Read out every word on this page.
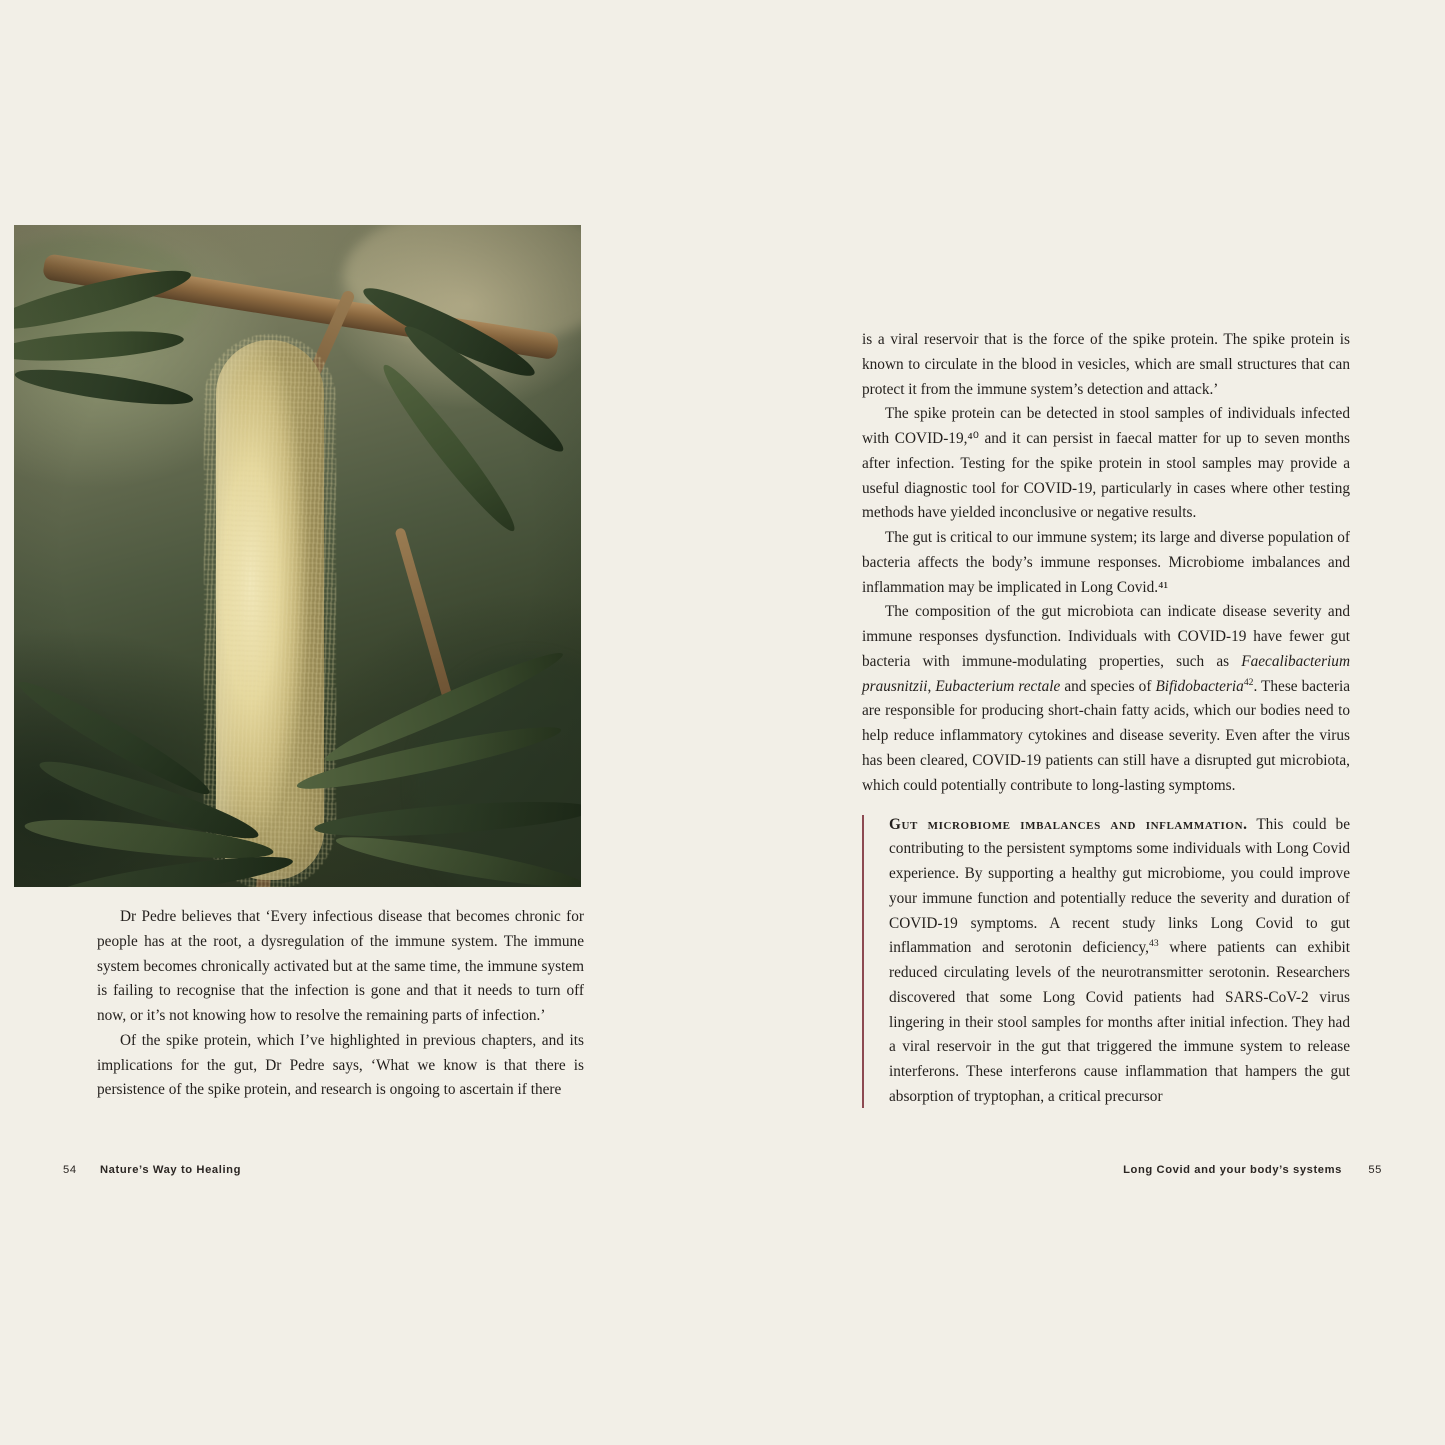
Dr Pedre believes that ‘Every infectious disease that becomes chronic for people has at the root, a dysregulation of the immune system. The immune system becomes chronically activated but at the same time, the immune system is failing to recognise that the infection is gone and that it needs to turn off now, or it’s not knowing how to resolve the remaining parts of infection.’

Of the spike protein, which I’ve highlighted in previous chapters, and its implications for the gut, Dr Pedre says, ‘What we know is that there is persistence of the spike protein, and research is ongoing to ascertain if there

54 Nature’s Way to Healing

is a viral reservoir that is the force of the spike protein. The spike protein is known to circulate in the blood in vesicles, which are small structures that can protect it from the immune system’s detection and attack.’

The spike protein can be detected in stool samples of individuals infected with COVID-19,⁴⁰ and it can persist in faecal matter for up to seven months after infection. Testing for the spike protein in stool samples may provide a useful diagnostic tool for COVID-19, particularly in cases where other testing methods have yielded inconclusive or negative results.

The gut is critical to our immune system; its large and diverse population of bacteria affects the body’s immune responses. Microbiome imbalances and inflammation may be implicated in Long Covid.⁴¹

The composition of the gut microbiota can indicate disease severity and immune responses dysfunction. Individuals with COVID-19 have fewer gut bacteria with immune-modulating properties, such as Faecalibacterium prausnitzii, Eubacterium rectale and species of Bifidobacteria$^{42}$. These bacteria are responsible for producing short-chain fatty acids, which our bodies need to help reduce inflammatory cytokines and disease severity. Even after the virus has been cleared, COVID-19 patients can still have a disrupted gut microbiota, which could potentially contribute to long-lasting symptoms.

Gut microbiome imbalances and inflammation. This could be contributing to the persistent symptoms some individuals with Long Covid experience. By supporting a healthy gut microbiome, you could improve your immune function and potentially reduce the severity and duration of COVID-19 symptoms. A recent study links Long Covid to gut inflammation and serotonin deficiency,$^{43}$ where patients can exhibit reduced circulating levels of the neurotransmitter serotonin. Researchers discovered that some Long Covid patients had SARS-CoV-2 virus lingering in their stool samples for months after initial infection. They had a viral reservoir in the gut that triggered the immune system to release interferons. These interferons cause inflammation that hampers the gut absorption of tryptophan, a critical precursor

Long Covid and your body’s systems 55
